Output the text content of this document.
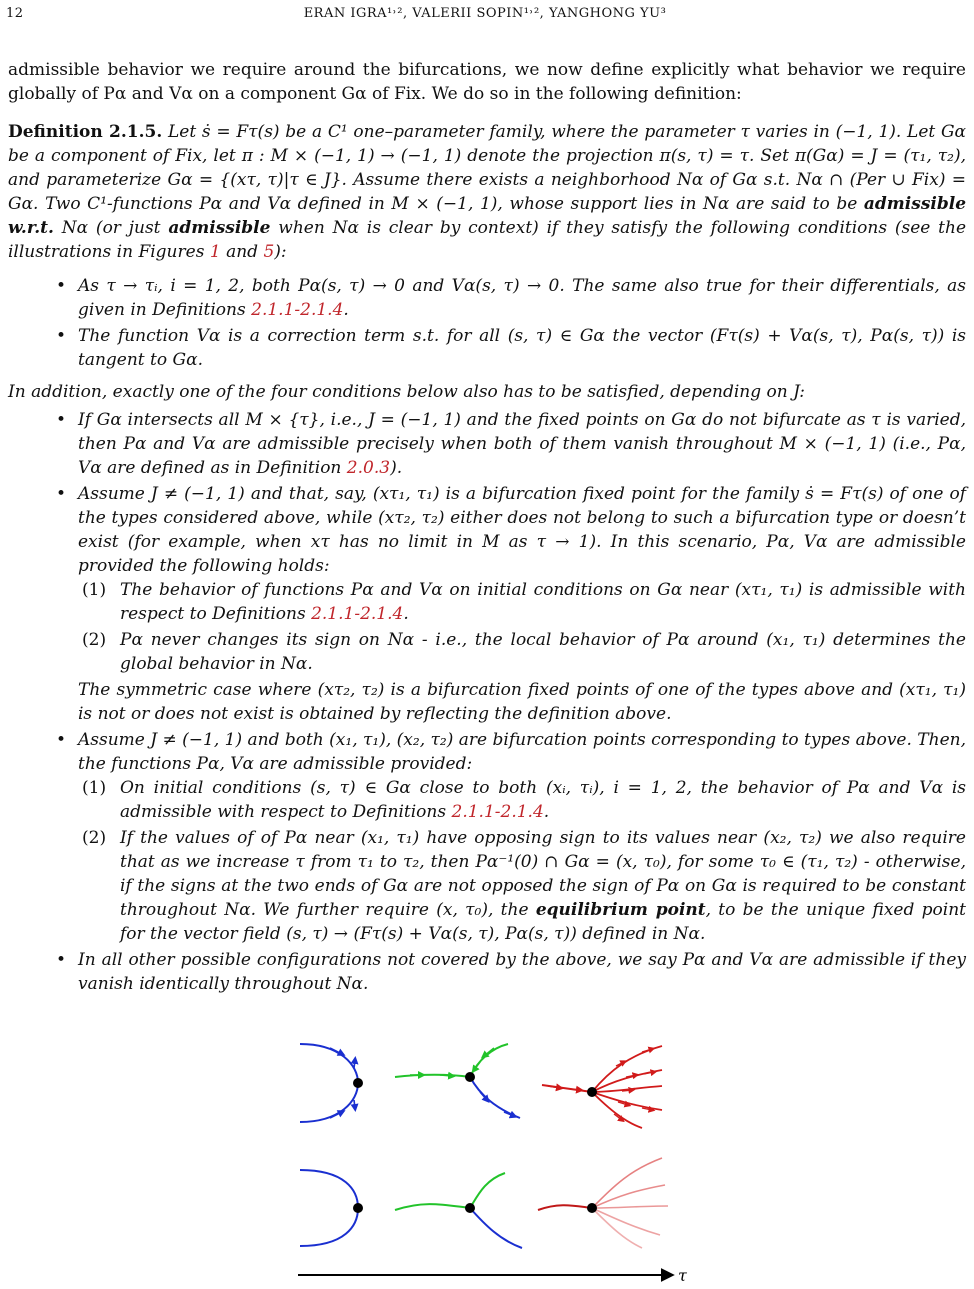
12	ERAN IGRA¹˒², VALERII SOPIN¹˒², YANGHONG YU³

admissible behavior we require around the bifurcations, we now define explicitly what behavior we require globally of Pα and Vα on a component Gα of Fix. We do so in the following definition:

Definition 2.1.5. Let ṡ = Fτ(s) be a C¹ one–parameter family, where the parameter τ varies in (−1, 1). Let Gα be a component of Fix, let π : M × (−1, 1) → (−1, 1) denote the projection π(s, τ) = τ. Set π(Gα) = J = (τ₁, τ₂), and parameterize Gα = {(xτ, τ)|τ ∈ J}. Assume there exists a neighborhood Nα of Gα s.t. Nα ∩ (Per ∪ Fix) = Gα. Two C¹-functions Pα and Vα defined in M × (−1, 1), whose support lies in Nα are said to be admissible w.r.t. Nα (or just admissible when Nα is clear by context) if they satisfy the following conditions (see the illustrations in Figures 1 and 5):

• As τ → τᵢ, i = 1, 2, both Pα(s, τ) → 0 and Vα(s, τ) → 0. The same also true for their differentials, as given in Definitions 2.1.1-2.1.4.
• The function Vα is a correction term s.t. for all (s, τ) ∈ Gα the vector (Fτ(s) + Vα(s, τ), Pα(s, τ)) is tangent to Gα.

In addition, exactly one of the four conditions below also has to be satisfied, depending on J:

• If Gα intersects all M × {τ}, i.e., J = (−1, 1) and the fixed points on Gα do not bifurcate as τ is varied, then Pα and Vα are admissible precisely when both of them vanish throughout M × (−1, 1) (i.e., Pα, Vα are defined as in Definition 2.0.3).
• Assume J ≠ (−1, 1) and that, say, (xτ₁, τ₁) is a bifurcation fixed point for the family ṡ = Fτ(s) of one of the types considered above, while (xτ₂, τ₂) either does not belong to such a bifurcation type or doesn’t exist (for example, when xτ has no limit in M as τ → 1). In this scenario, Pα, Vα are admissible provided the following holds:
(1) The behavior of functions Pα and Vα on initial conditions on Gα near (xτ₁, τ₁) is admissible with respect to Definitions 2.1.1-2.1.4.
(2) Pα never changes its sign on Nα - i.e., the local behavior of Pα around (x₁, τ₁) determines the global behavior in Nα.
The symmetric case where (xτ₂, τ₂) is a bifurcation fixed points of one of the types above and (xτ₁, τ₁) is not or does not exist is obtained by reflecting the definition above.
• Assume J ≠ (−1, 1) and both (x₁, τ₁), (x₂, τ₂) are bifurcation points corresponding to types above. Then, the functions Pα, Vα are admissible provided:
(1) On initial conditions (s, τ) ∈ Gα close to both (xᵢ, τᵢ), i = 1, 2, the behavior of Pα and Vα is admissible with respect to Definitions 2.1.1-2.1.4.
(2) If the values of of Pα near (x₁, τ₁) have opposing sign to its values near (x₂, τ₂) we also require that as we increase τ from τ₁ to τ₂, then Pα⁻¹(0) ∩ Gα = (x, τ₀), for some τ₀ ∈ (τ₁, τ₂) - otherwise, if the signs at the two ends of Gα are not opposed the sign of Pα on Gα is required to be constant throughout Nα. We further require (x, τ₀), the equilibrium point, to be the unique fixed point for the vector field (s, τ) → (Fτ(s) + Vα(s, τ), Pα(s, τ)) defined in Nα.
• In all other possible configurations not covered by the above, we say Pα and Vα are admissible if they vanish identically throughout Nα.
τ
